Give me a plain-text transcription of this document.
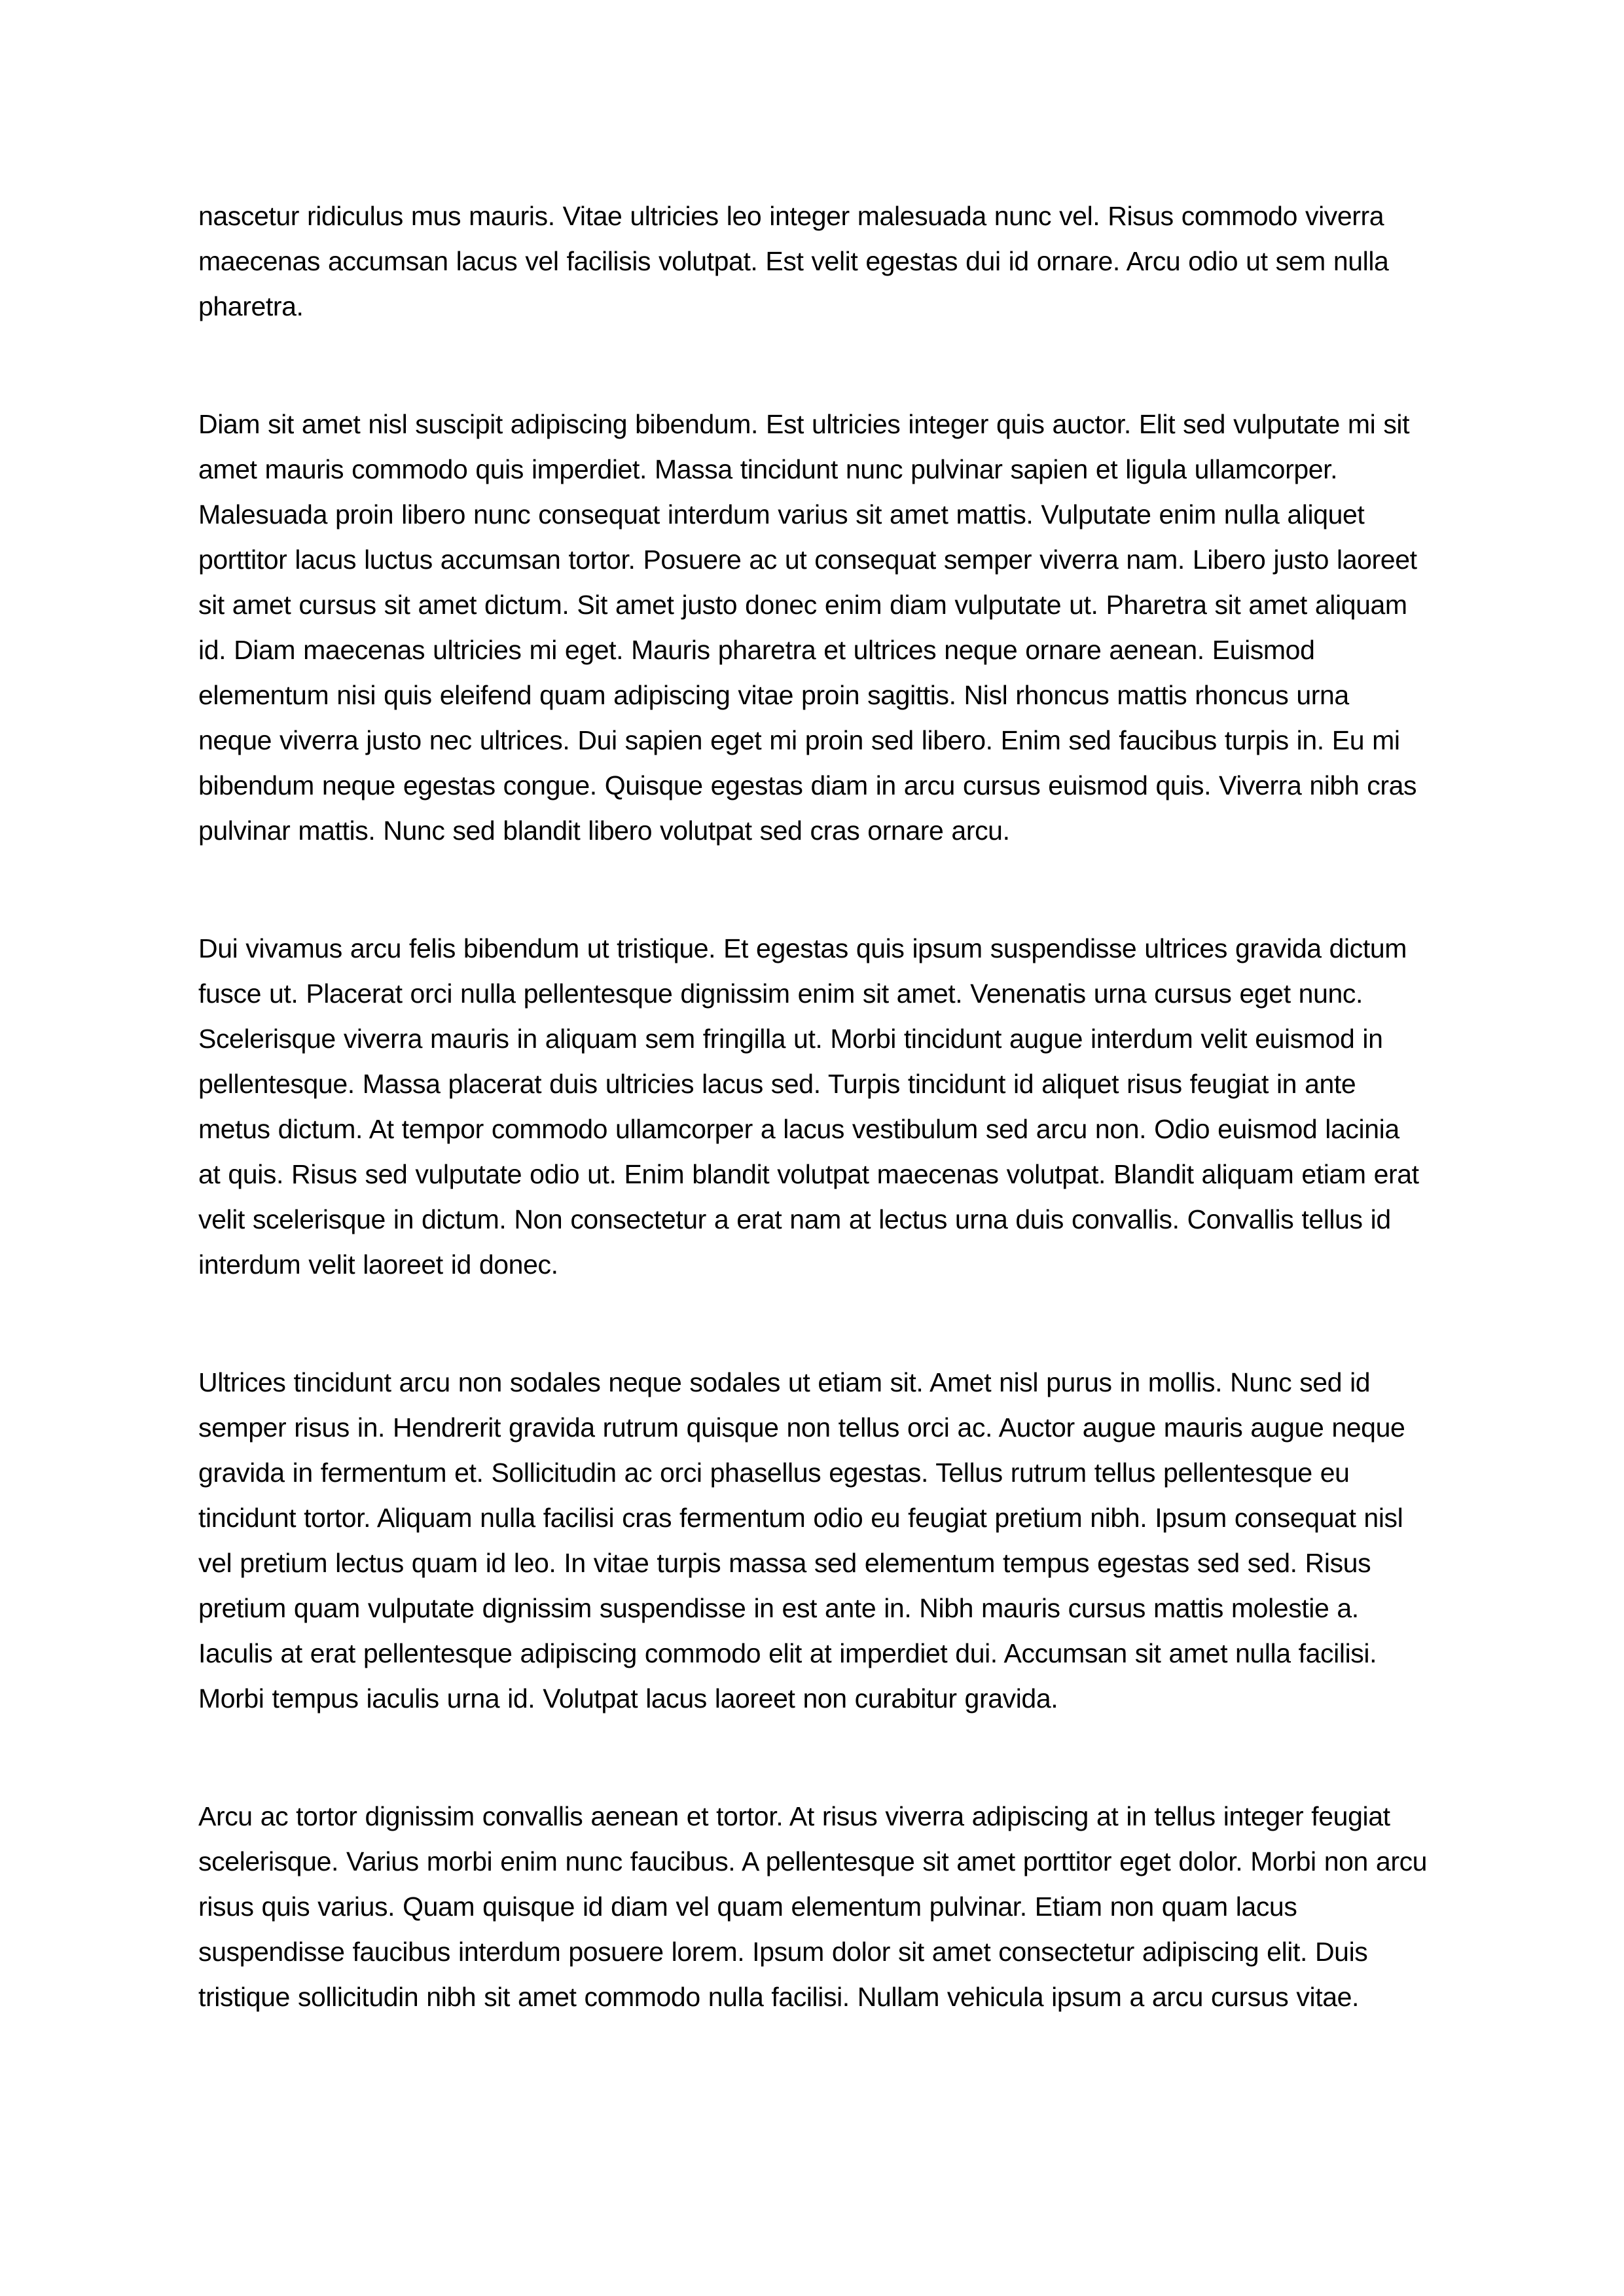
nascetur ridiculus mus mauris. Vitae ultricies leo integer malesuada nunc vel. Risus commodo viverra maecenas accumsan lacus vel facilisis volutpat. Est velit egestas dui id ornare. Arcu odio ut sem nulla pharetra.

Diam sit amet nisl suscipit adipiscing bibendum. Est ultricies integer quis auctor. Elit sed vulputate mi sit amet mauris commodo quis imperdiet. Massa tincidunt nunc pulvinar sapien et ligula ullamcorper. Malesuada proin libero nunc consequat interdum varius sit amet mattis. Vulputate enim nulla aliquet porttitor lacus luctus accumsan tortor. Posuere ac ut consequat semper viverra nam. Libero justo laoreet sit amet cursus sit amet dictum. Sit amet justo donec enim diam vulputate ut. Pharetra sit amet aliquam id. Diam maecenas ultricies mi eget. Mauris pharetra et ultrices neque ornare aenean. Euismod elementum nisi quis eleifend quam adipiscing vitae proin sagittis. Nisl rhoncus mattis rhoncus urna neque viverra justo nec ultrices. Dui sapien eget mi proin sed libero. Enim sed faucibus turpis in. Eu mi bibendum neque egestas congue. Quisque egestas diam in arcu cursus euismod quis. Viverra nibh cras pulvinar mattis. Nunc sed blandit libero volutpat sed cras ornare arcu.

Dui vivamus arcu felis bibendum ut tristique. Et egestas quis ipsum suspendisse ultrices gravida dictum fusce ut. Placerat orci nulla pellentesque dignissim enim sit amet. Venenatis urna cursus eget nunc. Scelerisque viverra mauris in aliquam sem fringilla ut. Morbi tincidunt augue interdum velit euismod in pellentesque. Massa placerat duis ultricies lacus sed. Turpis tincidunt id aliquet risus feugiat in ante metus dictum. At tempor commodo ullamcorper a lacus vestibulum sed arcu non. Odio euismod lacinia at quis. Risus sed vulputate odio ut. Enim blandit volutpat maecenas volutpat. Blandit aliquam etiam erat velit scelerisque in dictum. Non consectetur a erat nam at lectus urna duis convallis. Convallis tellus id interdum velit laoreet id donec.

Ultrices tincidunt arcu non sodales neque sodales ut etiam sit. Amet nisl purus in mollis. Nunc sed id semper risus in. Hendrerit gravida rutrum quisque non tellus orci ac. Auctor augue mauris augue neque gravida in fermentum et. Sollicitudin ac orci phasellus egestas. Tellus rutrum tellus pellentesque eu tincidunt tortor. Aliquam nulla facilisi cras fermentum odio eu feugiat pretium nibh. Ipsum consequat nisl vel pretium lectus quam id leo. In vitae turpis massa sed elementum tempus egestas sed sed. Risus pretium quam vulputate dignissim suspendisse in est ante in. Nibh mauris cursus mattis molestie a. Iaculis at erat pellentesque adipiscing commodo elit at imperdiet dui. Accumsan sit amet nulla facilisi. Morbi tempus iaculis urna id. Volutpat lacus laoreet non curabitur gravida.

Arcu ac tortor dignissim convallis aenean et tortor. At risus viverra adipiscing at in tellus integer feugiat scelerisque. Varius morbi enim nunc faucibus. A pellentesque sit amet porttitor eget dolor. Morbi non arcu risus quis varius. Quam quisque id diam vel quam elementum pulvinar. Etiam non quam lacus suspendisse faucibus interdum posuere lorem. Ipsum dolor sit amet consectetur adipiscing elit. Duis tristique sollicitudin nibh sit amet commodo nulla facilisi. Nullam vehicula ipsum a arcu cursus vitae.
